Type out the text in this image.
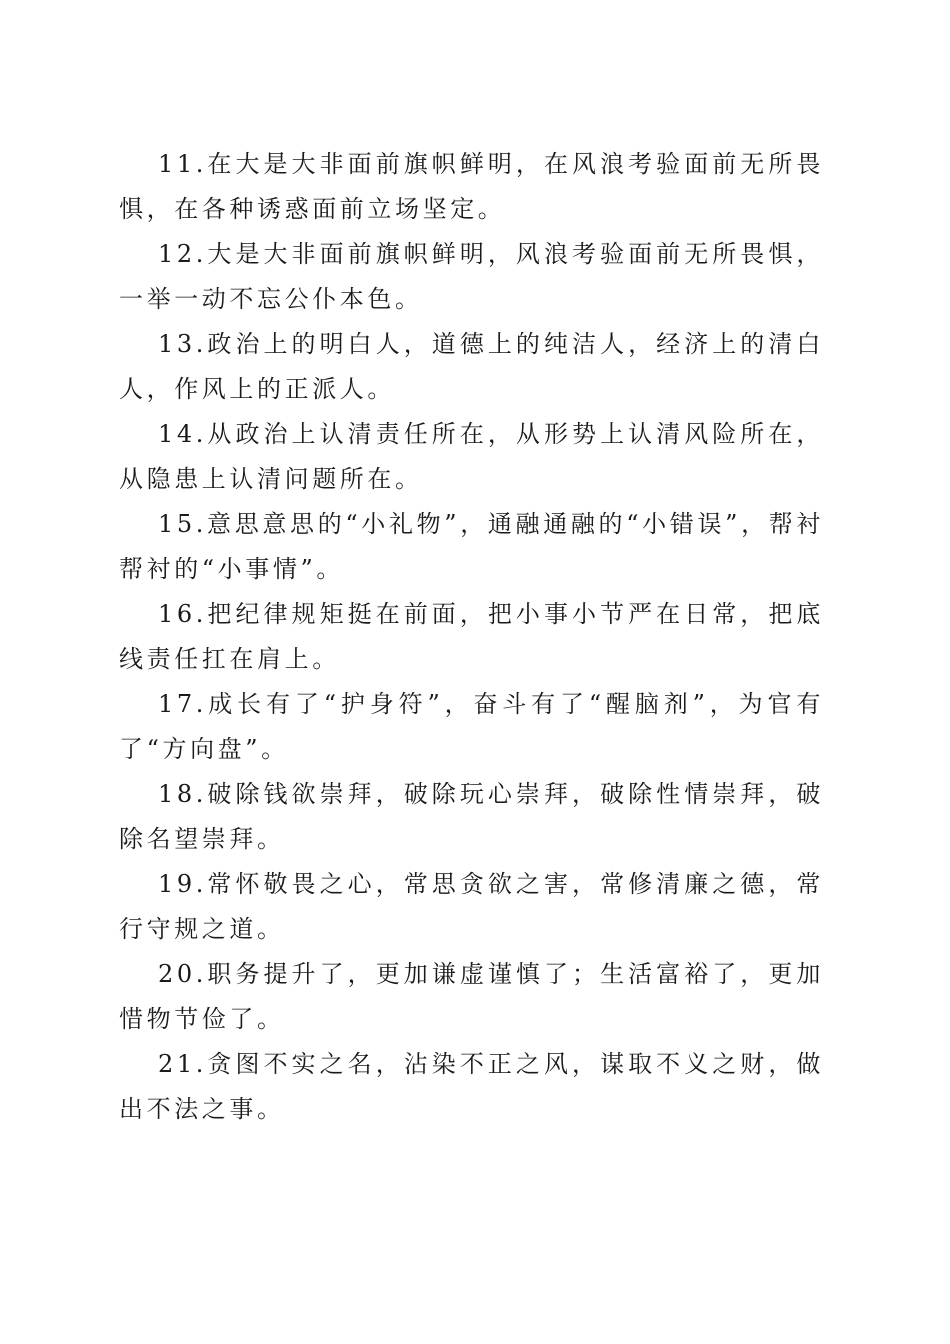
11.在大是大非面前旗帜鲜明，在风浪考验面前无所畏惧，在各种诱惑面前立场坚定。

12.大是大非面前旗帜鲜明，风浪考验面前无所畏惧，一举一动不忘公仆本色。

13.政治上的明白人，道德上的纯洁人，经济上的清白人，作风上的正派人。

14.从政治上认清责任所在，从形势上认清风险所在，从隐患上认清问题所在。

15.意思意思的“小礼物”，通融通融的“小错误”，帮衬帮衬的“小事情”。

16.把纪律规矩挺在前面，把小事小节严在日常，把底线责任扛在肩上。

17.成长有了“护身符”，奋斗有了“醒脑剂”，为官有了“方向盘”。

18.破除钱欲崇拜，破除玩心崇拜，破除性情崇拜，破除名望崇拜。

19.常怀敬畏之心，常思贪欲之害，常修清廉之德，常行守规之道。

20.职务提升了，更加谦虚谨慎了；生活富裕了，更加惜物节俭了。

21.贪图不实之名，沾染不正之风，谋取不义之财，做出不法之事。
